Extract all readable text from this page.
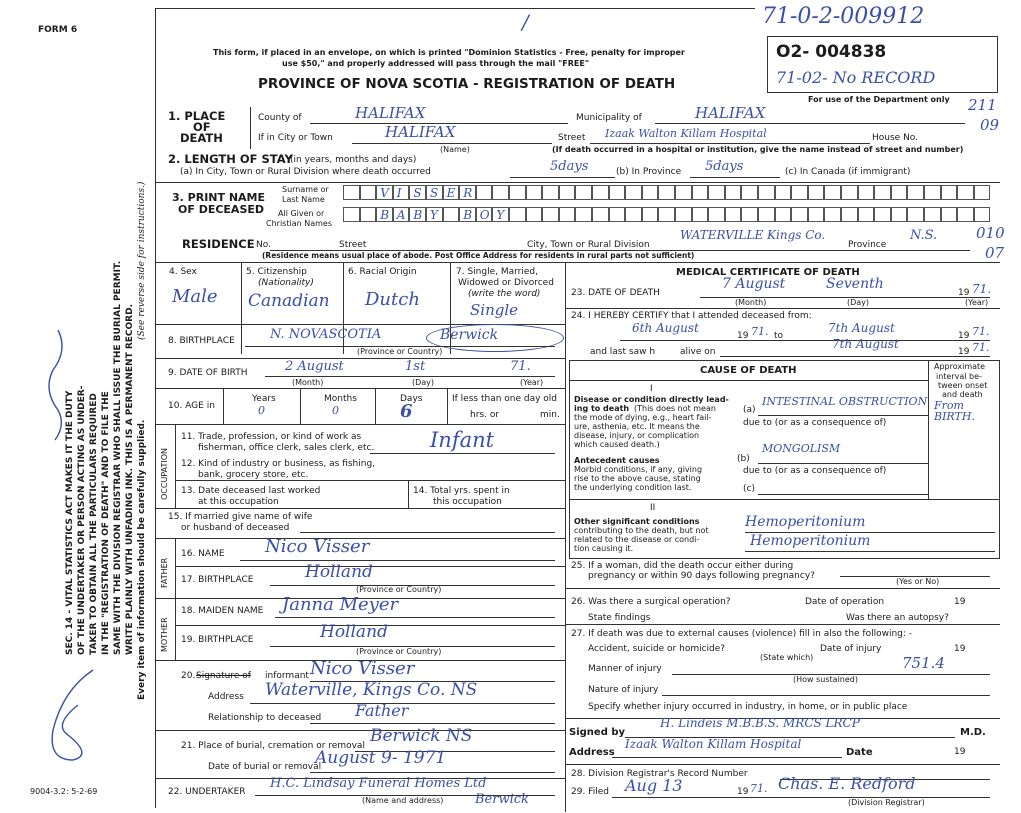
FORM 6
SEC. 14 - VITAL STATISTICS ACT MAKES IT THE DUTY OF THE UNDERTAKER OR PERSON ACTING AS UNDER- TAKER TO OBTAIN ALL THE PARTICULARS REQUIRED IN THE "REGISTRATION OF DEATH" AND TO FILE THE SAME WITH THE DIVISION REGISTRAR WHO SHALL ISSUE THE BURIAL PERMIT. WRITE PLAINLY WITH UNFADING INK. THIS IS A PERMANENT RECORD.
(See reverse side for instructions.)
Every item of information should be carefully supplied.
9004-3.2: 5-2-69
71-0-2-009912
/
O2- 004838
71-02- No RECORD
For use of the Department only
This form, if placed in an envelope, on which is printed "Dominion Statistics - Free, penalty for improper
use $50," and properly addressed will pass through the mail "FREE"
PROVINCE OF NOVA SCOTIA - REGISTRATION OF DEATH
211
09
010
07
1. PLACE
OF
DEATH
County of	HALIFAX	Municipality of	HALIFAX
If in City or Town	HALIFAX
(Name)
Street Izaak Walton Killam Hospital	House No.
(If death occurred in a hospital or institution, give the name instead of street and number)
2. LENGTH OF STAY
(in years, months and days)
(a) In City, Town or Rural Division where death occurred	5days	(b) In Province 5days	(c) In Canada (if immigrant)
3. PRINT NAME
OF DECEASED
Surname or
Last Name
All Given or
Christian Names
V I S S E R
B A B Y B O Y
RESIDENCE No.	Street	City, Town or Rural Division
WATERVILLE Kings Co.
Province
N.S.
(Residence means usual place of abode. Post Office Address for residents in rural parts not sufficient)
4. Sex
Male
5. Citizenship
(Nationality)
Canadian
6. Racial Origin
Dutch
7. Single, Married,
Widowed or Divorced
(write the word)
Single
8. BIRTHPLACE	N. NOVASCOTIA	Berwick
(Province or Country)
9. DATE OF BIRTH	2 August	1st	71.
(Month)	(Day)	(Year)
10. AGE in
Years	Months	Days
0	0	6
If less than one day old
hrs. or	min.
OCCUPATION
11. Trade, profession, or kind of work as
fisherman, office clerk, sales clerk, etc.	Infant
12. Kind of industry or business, as fishing,
bank, grocery store, etc.
13. Date deceased last worked
at this occupation
14. Total yrs. spent in
this occupation
15. If married give name of wife
or husband of deceased
FATHER
16. NAME Nico Visser
17. BIRTHPLACE	Holland
(Province or Country)
MOTHER
18. MAIDEN NAME Janna Meyer
19. BIRTHPLACE	Holland
(Province or Country)
20. Signature of informant Nico Visser
Address Waterville, Kings Co. NS
Relationship to deceased Father
21. Place of burial, cremation or removal Berwick NS
Date of burial or removal
August 9- 1971
22. UNDERTAKER
H.C. Lindsay Funeral Homes Ltd
Berwick
(Name and address)
MEDICAL CERTIFICATE OF DEATH
23. DATE OF DEATH
7 August	Seventh
19 71.
(Month)	(Day)	(Year)
24. I HEREBY CERTIFY that I attended deceased from:
6th August
19 71. to
7th August
19 71.
and last saw h	alive on
7th August
19 71.
CAUSE OF DEATH	Approximate
interval be-
tween onset
and death
I
Disease or condition directly lead-
ing to death (This does not mean
the mode of dying, e.g., heart fail-
ure, asthenia, etc. It means the
disease, injury, or complication
which caused death.)
(a)
INTESTINAL OBSTRUCTION From BIRTH.
due to (or as a consequence of)
Antecedent causes
Morbid conditions, if any, giving
rise to the above cause, stating
the underlying condition last.
(b)
MONGOLISM
due to (or as a consequence of)
(c)
II
Other significant conditions
contributing to the death, but not
related to the disease or condi-
tion causing it.
Hemoperitonium
Hemoperitonium
25. If a woman, did the death occur either during
pregnancy or within 90 days following pregnancy?
(Yes or No)
26. Was there a surgical operation?	Date of operation	19
State findings	Was there an autopsy?
27. If death was due to external causes (violence) fill in also the following: -
Accident, suicide or homicide?	Date of injury	19
(State which)
Manner of injury	751.4
(How sustained)
Nature of injury
Specify whether injury occurred in industry, in home, or in public place
Signed by
H. Lindeis M.B.B.S. MRCS LRCP
M.D.
Address
Izaak Walton Killam Hospital
Date	19
28. Division Registrar's Record Number
29. Filed Aug 13	19 71. Chas. E. Redford
(Division Registrar)
